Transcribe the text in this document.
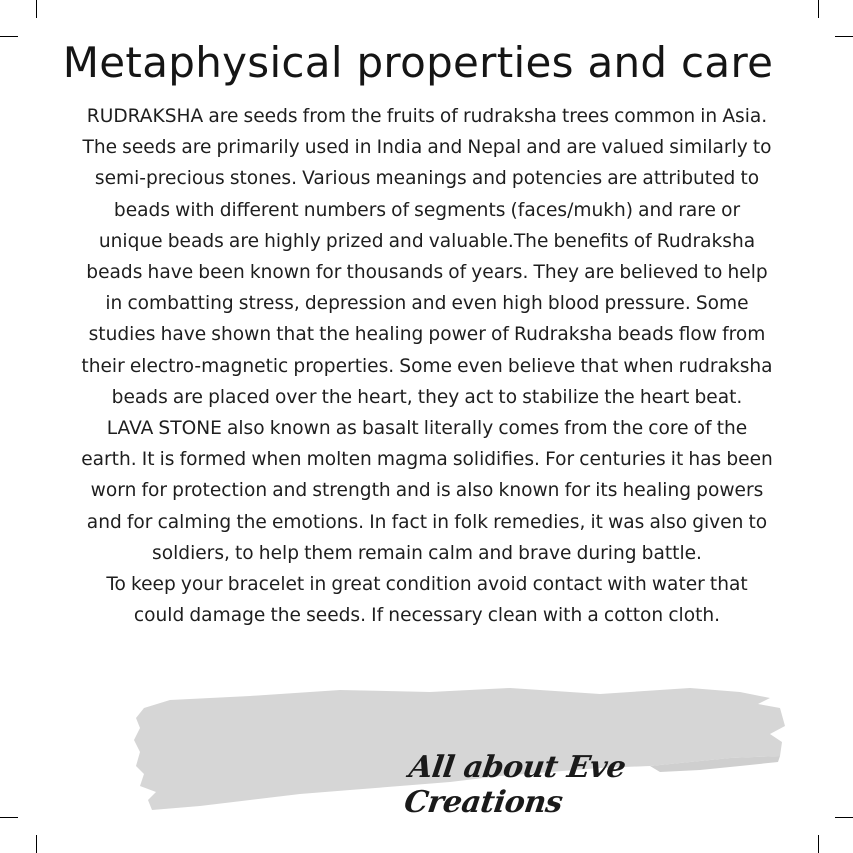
Metaphysical properties and care

RUDRAKSHA are seeds from the fruits of rudraksha trees common in Asia. The seeds are primarily used in India and Nepal and are valued similarly to semi-precious stones. Various meanings and potencies are attributed to beads with different numbers of segments (faces/mukh) and rare or unique beads are highly prized and valuable.The benefits of Rudraksha beads have been known for thousands of years. They are believed to help in combatting stress, depression and even high blood pressure. Some studies have shown that the healing power of Rudraksha beads flow from their electro-magnetic properties. Some even believe that when rudraksha beads are placed over the heart, they act to stabilize the heart beat.

LAVA STONE also known as basalt literally comes from the core of the earth. It is formed when molten magma solidifies. For centuries it has been worn for protection and strength and is also known for its healing powers and for calming the emotions. In fact in folk remedies, it was also given to soldiers, to help them remain calm and brave during battle.

To keep your bracelet in great condition avoid contact with water that could damage the seeds. If necessary clean with a cotton cloth.

All about Eve Creations
